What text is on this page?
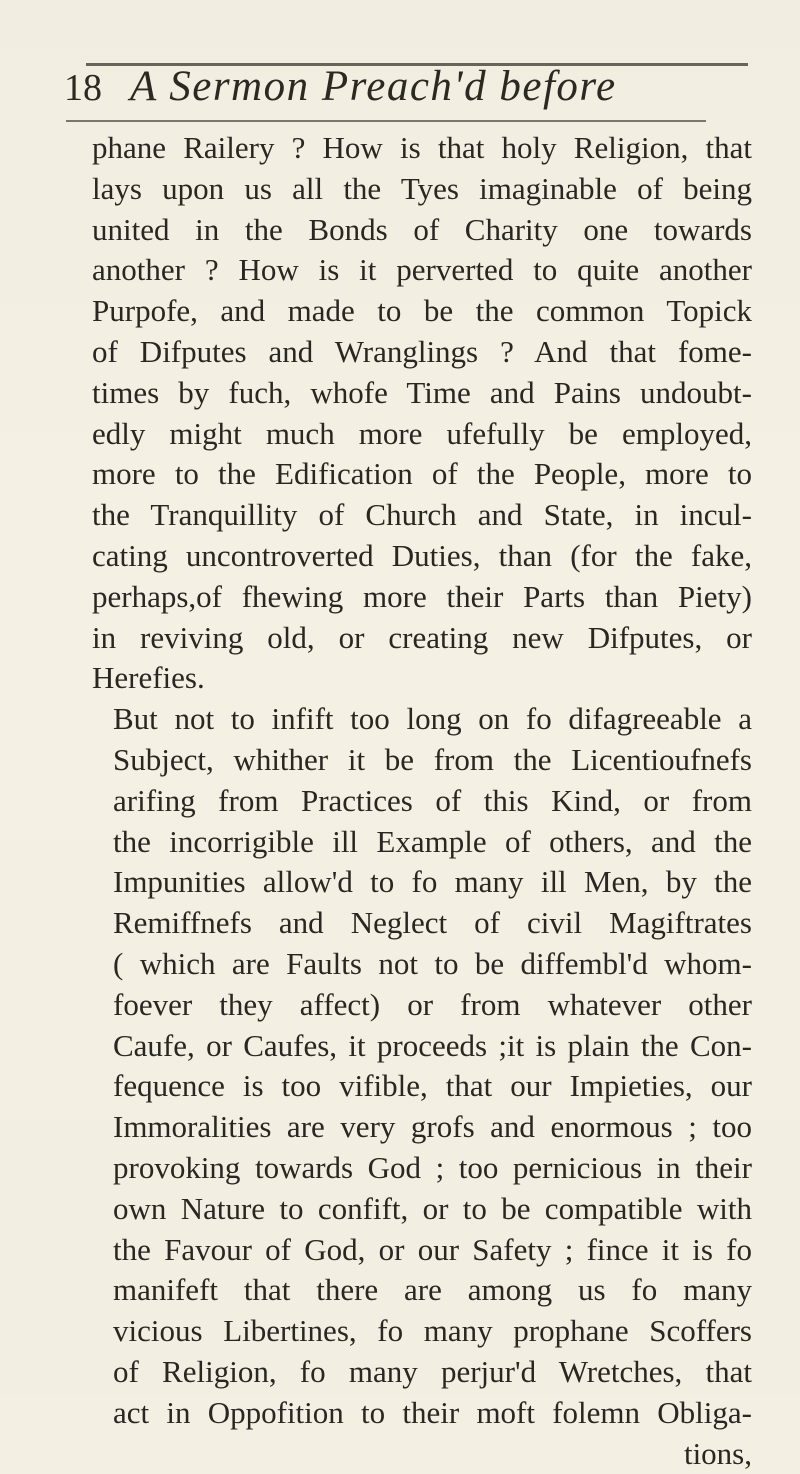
18 A Sermon Preach'd before
phane Railery ? How is that holy Religion, that
lays upon us all the Tyes imaginable of being
united in the Bonds of Charity one towards
another ? How is it perverted to quite another
Purpofe, and made to be the common Topick
of Difputes and Wranglings ? And that fome-
times by fuch, whofe Time and Pains undoubt-
edly might much more ufefully be employed,
more to the Edification of the People, more to
the Tranquillity of Church and State, in incul-
cating uncontroverted Duties, than (for the fake,
perhaps,of fhewing more their Parts than Piety)
in reviving old, or creating new Difputes, or
Herefies.
But not to infift too long on fo difagreeable a
Subject, whither it be from the Licentioufnefs
arifing from Practices of this Kind, or from
the incorrigible ill Example of others, and the
Impunities allow'd to fo many ill Men, by the
Remiffnefs and Neglect of civil Magiftrates
( which are Faults not to be diffembl'd whom-
foever they affect) or from whatever other
Caufe, or Caufes, it proceeds ;it is plain the Con-
fequence is too vifible, that our Impieties, our
Immoralities are very grofs and enormous ; too
provoking towards God ; too pernicious in their
own Nature to confift, or to be compatible with
the Favour of God, or our Safety ; fince it is fo
manifeft that there are among us fo many
vicious Libertines, fo many prophane Scoffers
of Religion, fo many perjur'd Wretches, that
act in Oppofition to their moft folemn Obliga-
tions,
